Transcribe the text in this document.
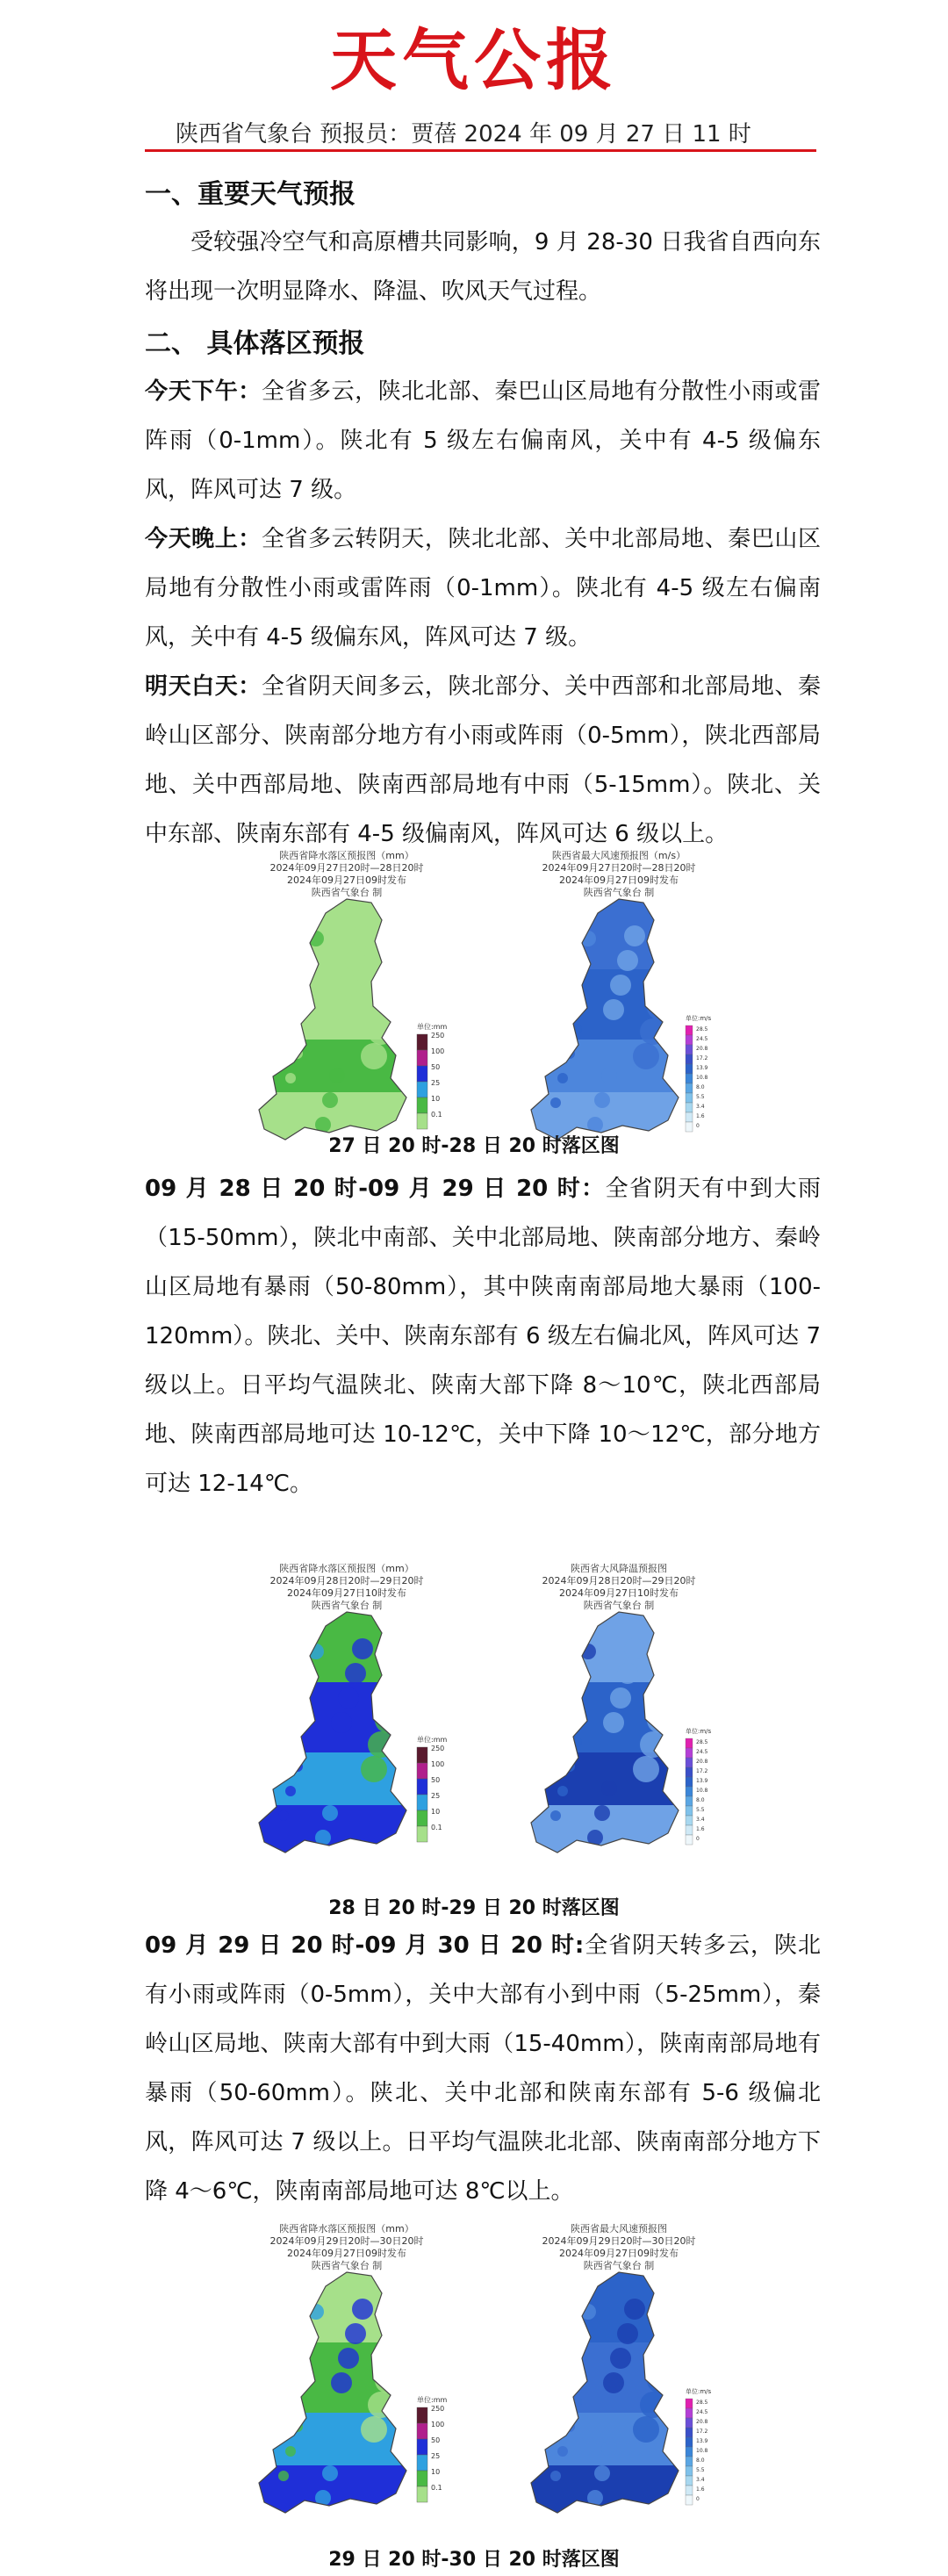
天气公报
陕西省气象台 预报员：贾蓓 2024 年 09 月 27 日 11 时
一、重要天气预报
受较强冷空气和高原槽共同影响，9 月 28-30 日我省自西向东将出现一次明显降水、降温、吹风天气过程。
二、 具体落区预报
今天下午：全省多云，陕北北部、秦巴山区局地有分散性小雨或雷阵雨（0-1mm）。陕北有 5 级左右偏南风，关中有 4-5 级偏东风，阵风可达 7 级。
今天晚上：全省多云转阴天，陕北北部、关中北部局地、秦巴山区局地有分散性小雨或雷阵雨（0-1mm）。陕北有 4-5 级左右偏南风，关中有 4-5 级偏东风，阵风可达 7 级。
明天白天：全省阴天间多云，陕北部分、关中西部和北部局地、秦岭山区部分、陕南部分地方有小雨或阵雨（0-5mm），陕北西部局地、关中西部局地、陕南西部局地有中雨（5-15mm）。陕北、关中东部、陕南东部有 4-5 级偏南风，阵风可达 6 级以上。
陕西省降水落区预报图（mm）
2024年09月27日20时—28日20时
2024年09月27日09时发布
陕西省气象台 制
单位:mm
250
100
50
25
10
0.1
陕西省最大风速预报图（m/s）
2024年09月27日20时—28日20时
2024年09月27日09时发布
陕西省气象台 制
单位:m/s
28.5
24.5
20.8
17.2
13.9
10.8
8.0
5.5
3.4
1.6
0
27 日 20 时-28 日 20 时落区图
09 月 28 日 20 时-09 月 29 日 20 时：全省阴天有中到大雨（15-50mm），陕北中南部、关中北部局地、陕南部分地方、秦岭山区局地有暴雨（50-80mm），其中陕南南部局地大暴雨（100-120mm）。陕北、关中、陕南东部有 6 级左右偏北风，阵风可达 7 级以上。日平均气温陕北、陕南大部下降 8～10℃，陕北西部局地、陕南西部局地可达 10-12℃，关中下降 10～12℃，部分地方可达 12-14℃。
陕西省降水落区预报图（mm）
2024年09月28日20时—29日20时
2024年09月27日10时发布
陕西省气象台 制
单位:mm
250
100
50
25
10
0.1
陕西省大风降温预报图
2024年09月28日20时—29日20时
2024年09月27日10时发布
陕西省气象台 制
单位:m/s
28.5
24.5
20.8
17.2
13.9
10.8
8.0
5.5
3.4
1.6
0
28 日 20 时-29 日 20 时落区图
09 月 29 日 20 时-09 月 30 日 20 时:全省阴天转多云，陕北有小雨或阵雨（0-5mm），关中大部有小到中雨（5-25mm），秦岭山区局地、陕南大部有中到大雨（15-40mm），陕南南部局地有暴雨（50-60mm）。陕北、关中北部和陕南东部有 5-6 级偏北风，阵风可达 7 级以上。日平均气温陕北北部、陕南南部分地方下降 4～6℃，陕南南部局地可达 8℃以上。
陕西省降水落区预报图（mm）
2024年09月29日20时—30日20时
2024年09月27日09时发布
陕西省气象台 制
单位:mm
250
100
50
25
10
0.1
陕西省最大风速预报图
2024年09月29日20时—30日20时
2024年09月27日09时发布
陕西省气象台 制
单位:m/s
28.5
24.5
20.8
17.2
13.9
10.8
8.0
5.5
3.4
1.6
0
29 日 20 时-30 日 20 时落区图
